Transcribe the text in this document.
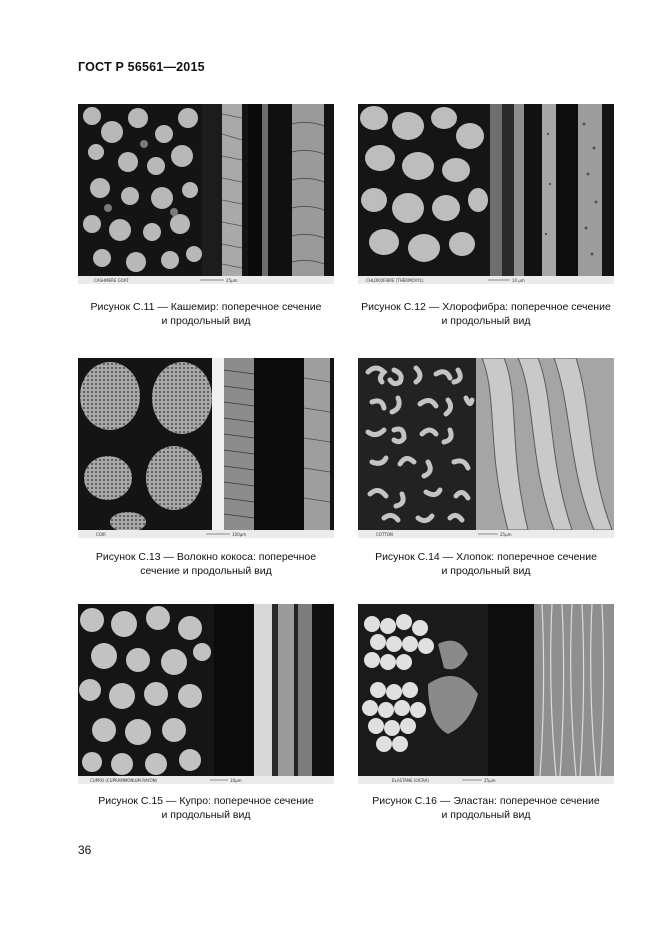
ГОСТ Р 56561—2015
CASHMERE GOAT	25µm
Рисунок С.11 — Кашемир: поперечное сечение
и продольный вид
CHLOROFIBRE (THERMOVYL)	10 µm
Рисунок С.12 — Хлорофибра: поперечное сечение
и продольный вид
COIR	100µm
Рисунок С.13 — Волокно кокоса: поперечное
сечение и продольный вид
COTTON	25µm
Рисунок С.14 — Хлопок: поперечное сечение
и продольный вид
CUPRO (CUPRAMMONIUM RAYON)	10µm
Рисунок С.15 — Купро: поперечное сечение
и продольный вид
ELASTANE (LYCRA)	25µm
Рисунок С.16 — Эластан: поперечное сечение
и продольный вид
36
